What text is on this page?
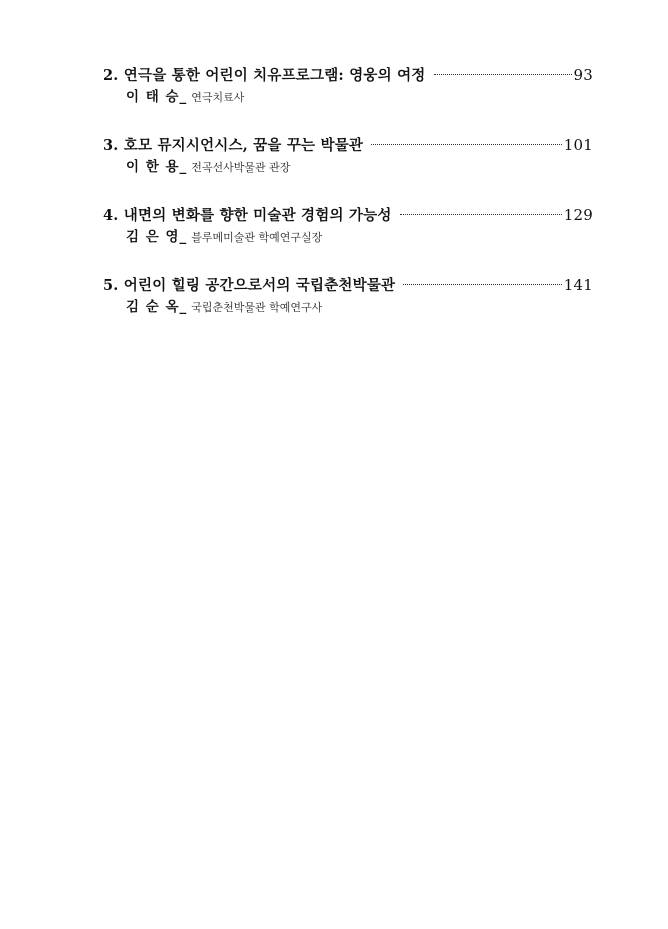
2. 연극을 통한 어린이 치유프로그램: 영웅의 여정	93
이 태 승_ 연극치료사
3. 호모 뮤지시언시스, 꿈을 꾸는 박물관	101
이 한 용_ 전곡선사박물관 관장
4. 내면의 변화를 향한 미술관 경험의 가능성	129
김 은 영_ 블루메미술관 학예연구실장
5. 어린이 힐링 공간으로서의 국립춘천박물관	141
김 순 옥_ 국립춘천박물관 학예연구사
